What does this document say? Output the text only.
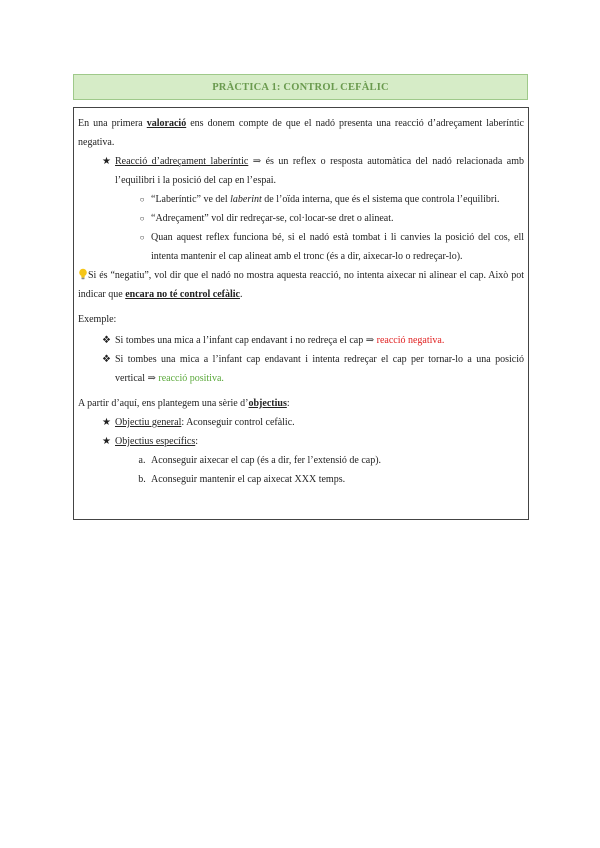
PRÀCTICA 1: CONTROL CEFÀLIC

En una primera valoració ens donem compte de que el nadó presenta una reacció d’adreçament laberíntic negativa.

★ Reacció d’adreçament laberíntic ⇒ és un reflex o resposta automàtica del nadó relacionada amb l’equilibri i la posició del cap en l’espai.
○ “Laberíntic” ve del laberint de l’oïda interna, que és el sistema que controla l’equilibri.
○ “Adreçament” vol dir redreçar-se, col·locar-se dret o alineat.
○ Quan aquest reflex funciona bé, si el nadó està tombat i li canvies la posició del cos, ell intenta mantenir el cap alineat amb el tronc (és a dir, aixecar-lo o redreçar-lo).

Si és “negatiu”, vol dir que el nadó no mostra aquesta reacció, no intenta aixecar ni alinear el cap. Això pot indicar que encara no té control cefàlic.

Exemple:

❖ Si tombes una mica a l’infant cap endavant i no redreça el cap ⇒ reacció negativa.
❖ Si tombes una mica a l’infant cap endavant i intenta redreçar el cap per tornar-lo a una posició vertical ⇒ reacció positiva.

A partir d’aquí, ens plantegem una sèrie d’objectius:

★ Objectiu general: Aconseguir control cefàlic.
★ Objectius específics:
a. Aconseguir aixecar el cap (és a dir, fer l’extensió de cap).
b. Aconseguir mantenir el cap aixecat XXX temps.
